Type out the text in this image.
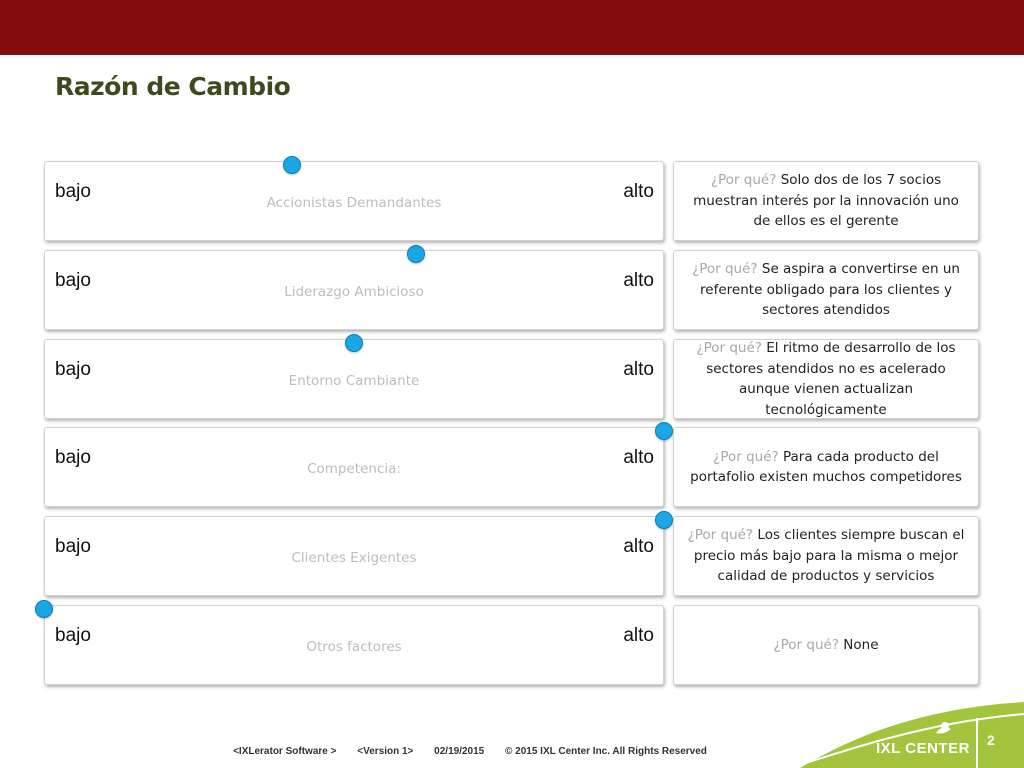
Razón de Cambio
bajo	alto
Accionistas Demandantes
¿Por qué? Solo dos de los 7 socios muestran interés por la innovación uno de ellos es el gerente
bajo	alto
Liderazgo Ambicioso
¿Por qué? Se aspira a convertirse en un referente obligado para los clientes y sectores atendidos
bajo	alto
Entorno Cambiante
¿Por qué? El ritmo de desarrollo de los sectores atendidos no es acelerado aunque vienen actualizan tecnológicamente
bajo	alto
Competencia:
¿Por qué? Para cada producto del portafolio existen muchos competidores
bajo	alto
Clientes Exigentes
¿Por qué? Los clientes siempre buscan el precio más bajo para la misma o mejor calidad de productos y servicios
bajo	alto
Otros factores	¿Por qué? None
<IXLerator Software > <Version 1> 02/19/2015 © 2015 IXL Center Inc. All Rights Reserved	IXL CENTER 2
